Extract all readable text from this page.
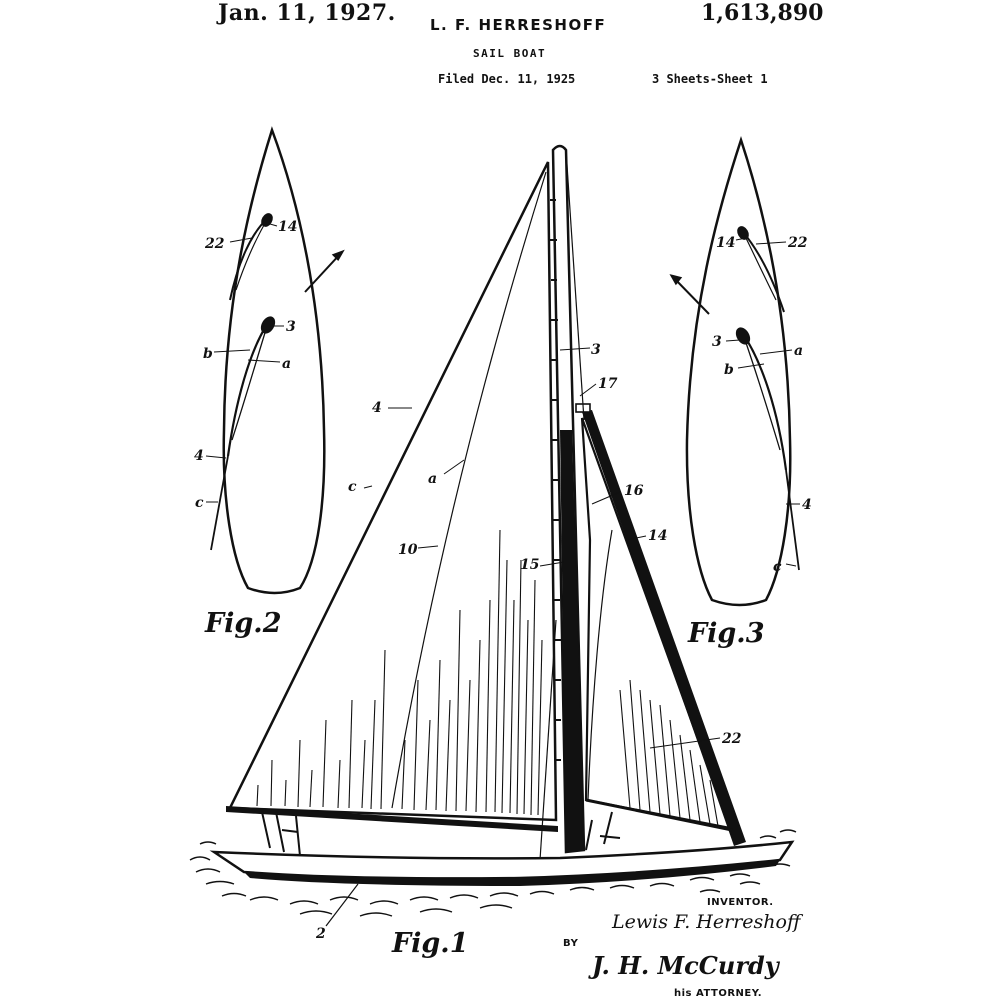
Jan. 11, 1927. L. F. HERRESHOFF	1,613,890
SAIL BOAT
Filed Dec. 11, 1925	3 Sheets-Sheet 1
22
14
3
b
a
4
c
Fig.2
14	22
3
a
b
4
c
Fig.3
4
c	a
10
3
17
16
15
14
22
2 Fig.1
INVENTOR.
Lewis F. Herreshoff
BY
J. H. McCurdy
his ATTORNEY.
